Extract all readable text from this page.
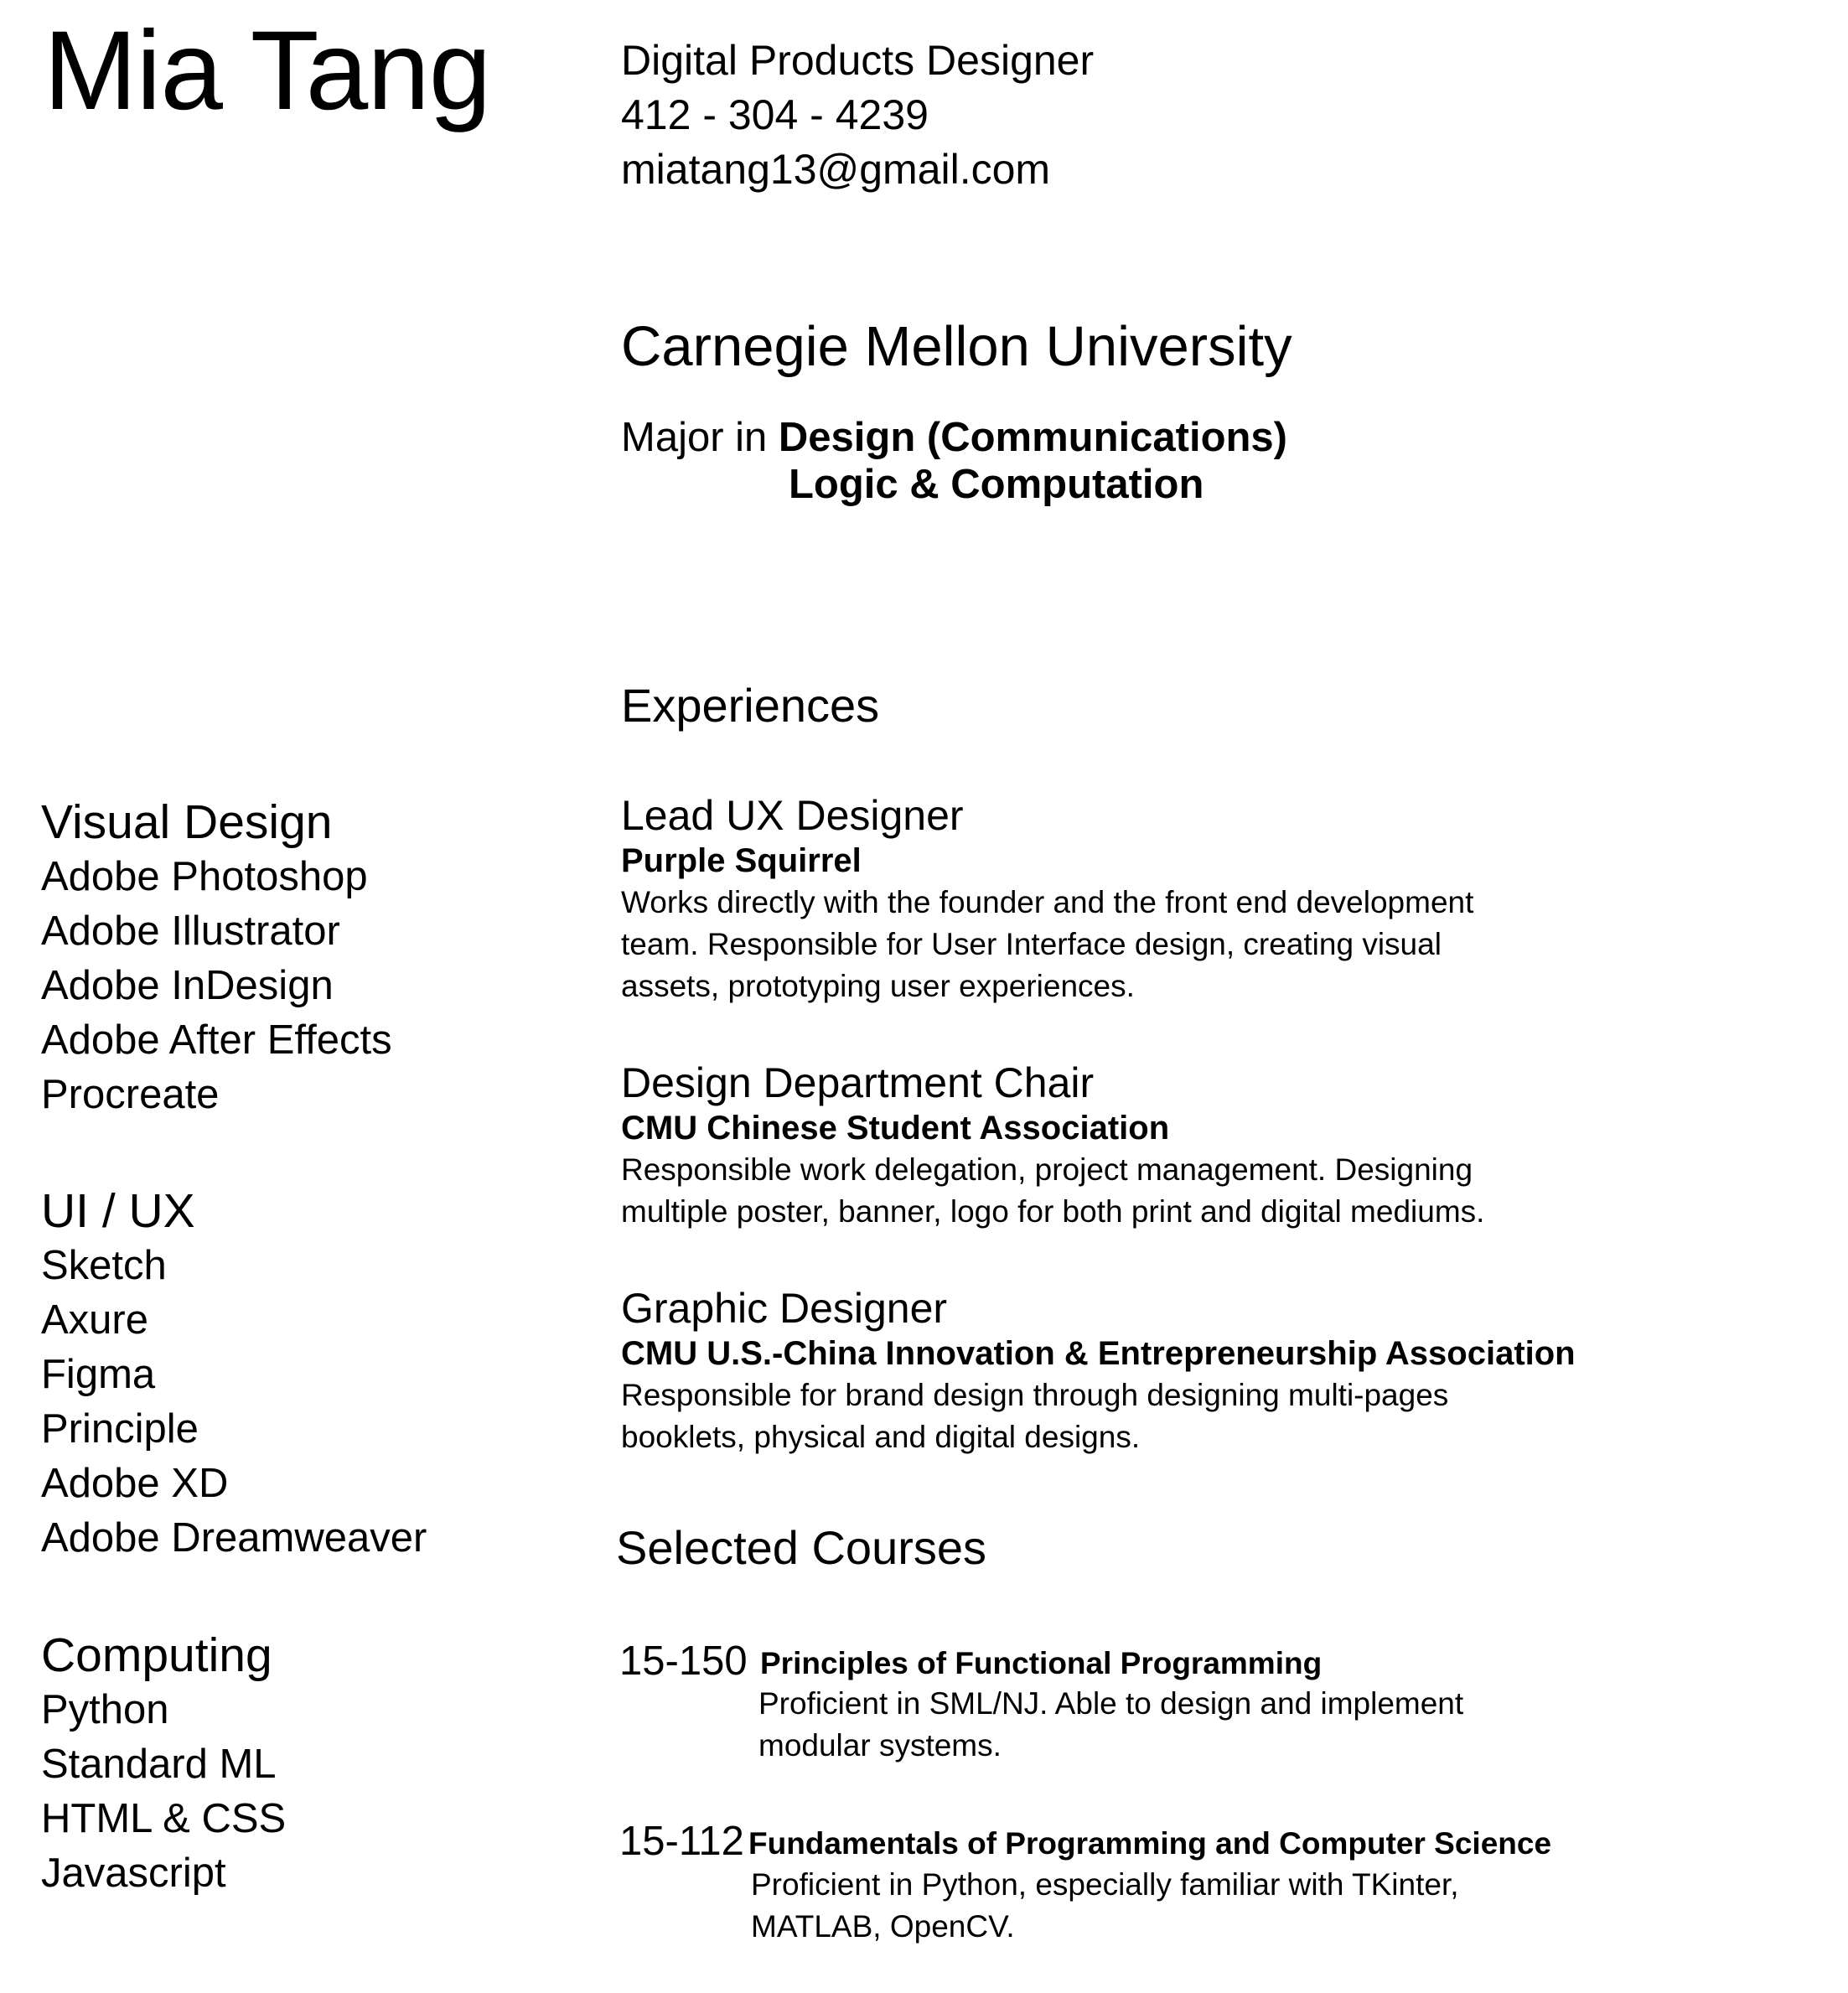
Mia Tang	Digital Products Designer
412 - 304 - 4239
miatang13@gmail.com
Carnegie Mellon University
Major in Design (Communications)
Logic & Computation
Visual Design
Adobe Photoshop
Adobe Illustrator
Adobe InDesign
Adobe After Effects
Procreate
UI / UX
Sketch
Axure
Figma
Principle
Adobe XD
Adobe Dreamweaver
Computing
Python
Standard ML
HTML & CSS
Javascript
Experiences
Lead UX Designer
Purple Squirrel
Works directly with the founder and the front end development
team. Responsible for User Interface design, creating visual
assets, prototyping user experiences.
Design Department Chair
CMU Chinese Student Association
Responsible work delegation, project management. Designing
multiple poster, banner, logo for both print and digital mediums.
Graphic Designer
CMU U.S.-China Innovation & Entrepreneurship Association
Responsible for brand design through designing multi-pages
booklets, physical and digital designs.
Selected Courses
15-150 Principles of Functional Programming
Proficient in SML/NJ. Able to design and implement
modular systems.
15-112 Fundamentals of Programming and Computer Science
Proficient in Python, especially familiar with TKinter,
MATLAB, OpenCV.
